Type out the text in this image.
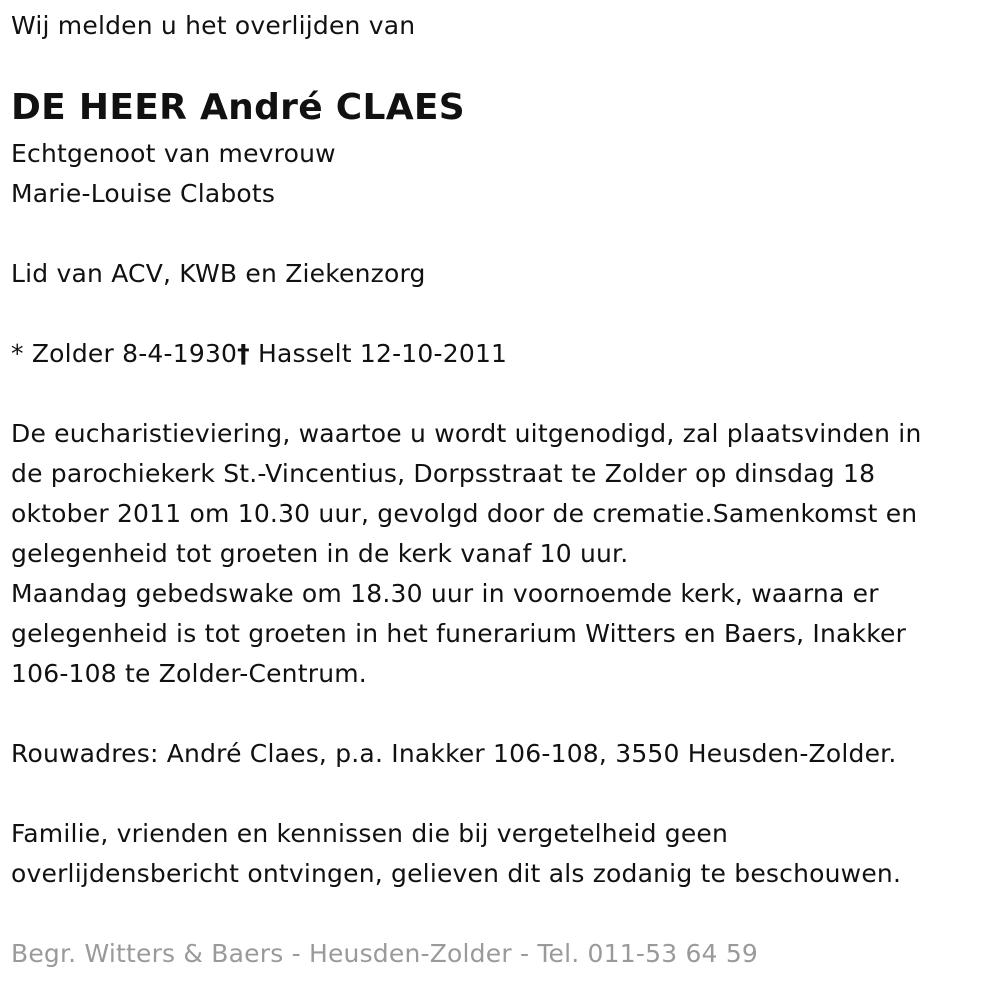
Wij melden u het overlijden van
DE HEER André CLAES
Echtgenoot van mevrouw
Marie-Louise Clabots
Lid van ACV, KWB en Ziekenzorg
* Zolder 8-4-1930† Hasselt 12-10-2011
De eucharistieviering, waartoe u wordt uitgenodigd, zal plaatsvinden in
de parochiekerk St.-Vincentius, Dorpsstraat te Zolder op dinsdag 18
oktober 2011 om 10.30 uur, gevolgd door de crematie.Samenkomst en
gelegenheid tot groeten in de kerk vanaf 10 uur.
Maandag gebedswake om 18.30 uur in voornoemde kerk, waarna er
gelegenheid is tot groeten in het funerarium Witters en Baers, Inakker
106-108 te Zolder-Centrum.
Rouwadres: André Claes, p.a. Inakker 106-108, 3550 Heusden-Zolder.
Familie, vrienden en kennissen die bij vergetelheid geen
overlijdensbericht ontvingen, gelieven dit als zodanig te beschouwen.
Begr. Witters & Baers - Heusden-Zolder - Tel. 011-53 64 59
